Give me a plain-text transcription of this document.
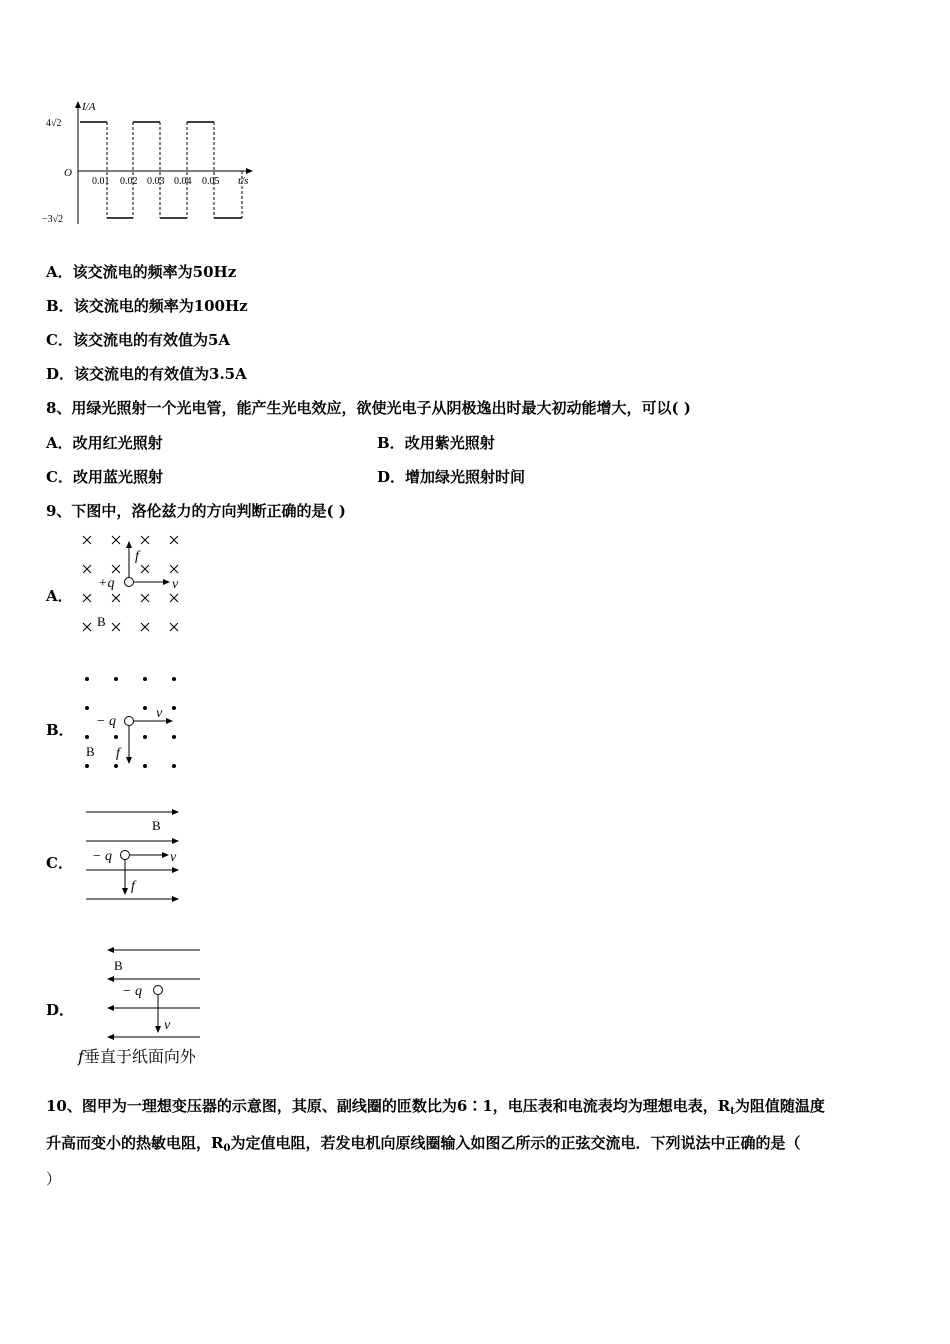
I/A
t/s
O
4√2
−3√2
0.01 0.02 0.03 0.04 0.05
A．该交流电的频率为50Hz
B．该交流电的频率为100Hz
C．该交流电的有效值为5A
D．该交流电的有效值为3.5A
8、用绿光照射一个光电管，能产生光电效应，欲使光电子从阴极逸出时最大初动能增大，可以( )
A．改用红光照射	B．改用紫光照射
C．改用蓝光照射	D．增加绿光照射时间
9、下图中，洛伦兹力的方向判断正确的是( )
A．
+q
f
v
B
B． − q
v
f
B
C．
B
− q	v
f
D．
B
− q
v
f垂直于纸面向外
10、图甲为一理想变压器的示意图，其原、副线圈的匝数比为6∶1，电压表和电流表均为理想电表，$R_t$为阻值随温度
升高而变小的热敏电阻，$R_0$为定值电阻，若发电机向原线圈输入如图乙所示的正弦交流电．下列说法中正确的是（
）
